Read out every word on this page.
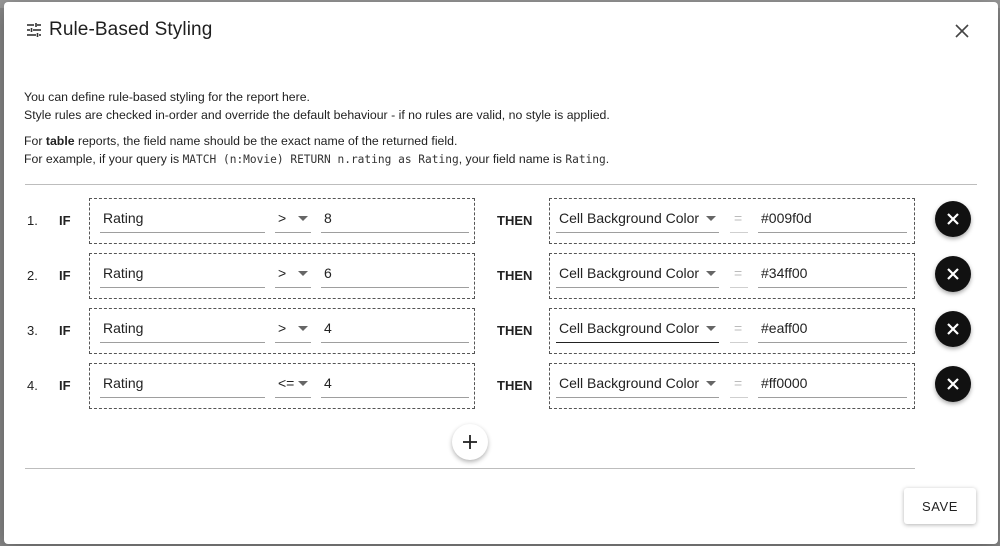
Rule-Based Styling

You can define rule-based styling for the report here.

Style rules are checked in-order and override the default behaviour - if no rules are valid, no style is applied.

For table reports, the field name should be the exact name of the returned field.

For example, if your query is MATCH (n:Movie) RETURN n.rating as Rating, your field name is Rating.

1. IF Rating	>	8	THEN Cell Background Color	=	#009f0d
2. IF Rating	>	6	THEN Cell Background Color	=	#34ff00
3. IF Rating	>	4	THEN Cell Background Color	=	#eaff00
4. IF Rating	<=	4	THEN Cell Background Color	=	#ff0000
SAVE
